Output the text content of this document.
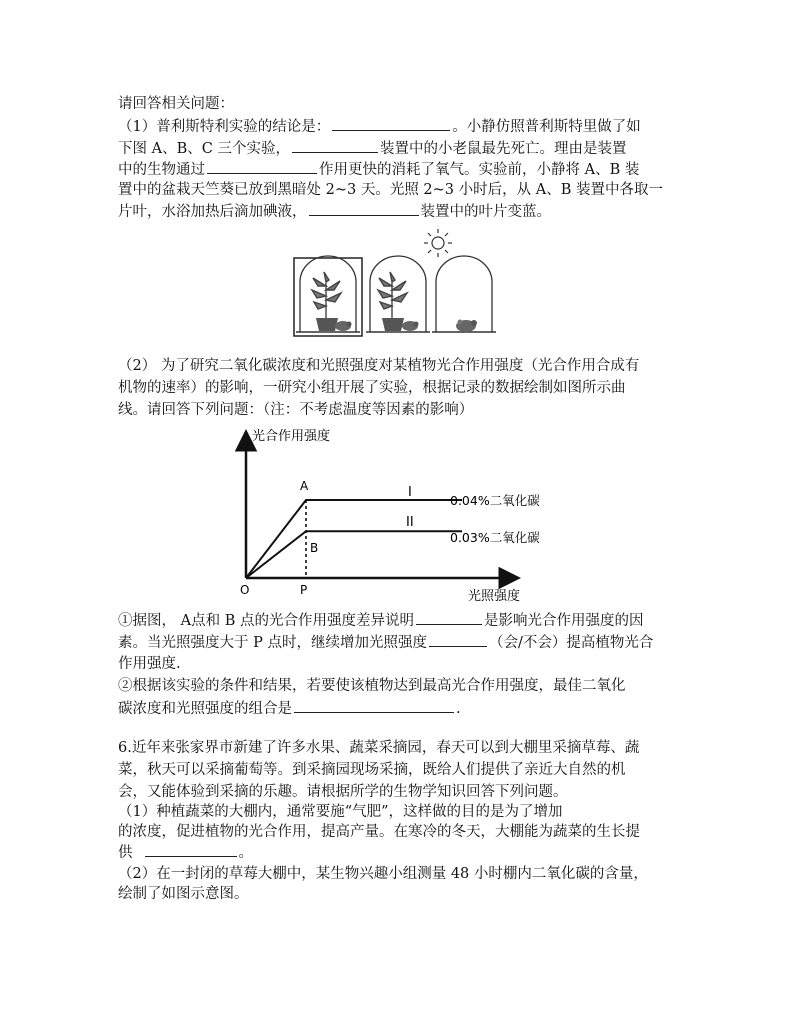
请回答相关问题：
（1）普利斯特利实验的结论是：	。小静仿照普利斯特里做了如
下图 A、B、C 三个实验，	装置中的小老鼠最先死亡。理由是装置
中的生物通过	作用更快的消耗了氧气。实验前，小静将 A、B 装
置中的盆栽天竺葵已放到黑暗处 2~3 天。光照 2~3 小时后，从 A、B 装置中各取一
片叶，水浴加热后滴加碘液，	装置中的叶片变蓝。
（2） 为了研究二氧化碳浓度和光照强度对某植物光合作用强度（光合作用合成有
机物的速率）的影响，一研究小组开展了实验，根据记录的数据绘制如图所示曲
线。请回答下列问题：（注：不考虑温度等因素的影响）
光合作用强度
光照强度
O	P
A
B
I
II
0.04%二氧化碳
0.03%二氧化碳
①据图， A点和 B 点的光合作用强度差异说明	是影响光合作用强度的因
素。当光照强度大于 P 点时，继续增加光照强度	（会/不会）提高植物光合
作用强度.
②根据该实验的条件和结果，若要使该植物达到最高光合作用强度，最佳二氧化
碳浓度和光照强度的组合是	.
6.近年来张家界市新建了许多水果、蔬菜采摘园，春天可以到大棚里采摘草莓、蔬
菜，秋天可以采摘葡萄等。到采摘园现场采摘，既给人们提供了亲近大自然的机
会，又能体验到采摘的乐趣。请根据所学的生物学知识回答下列问题。
（1）种植蔬菜的大棚内，通常要施“气肥”，这样做的目的是为了增加
的浓度，促进植物的光合作用，提高产量。在寒冷的冬天，大棚能为蔬菜的生长提
供	。
（2）在一封闭的草莓大棚中，某生物兴趣小组测量 48 小时棚内二氧化碳的含量，
绘制了如图示意图。
